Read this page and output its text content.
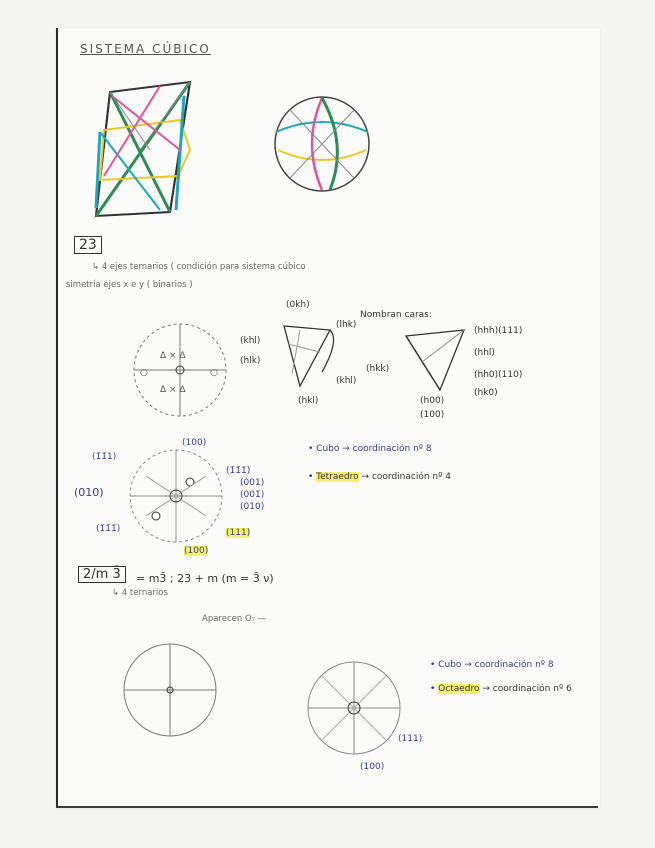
SISTEMA CÚBICO
Δ × Δ
Δ × Δ
○	○
23
↳ 4 ejes ternarios ( condición para sistema cúbico
simetría ejes x e y ( binarios )
Nombran caras:
(0kh)
(lhk)
(khl)
(hlk)
(khl)
(hkl)
(hhh)(111)
(hhl)
(hh0)(110)
(hk0)
(hkk)
(h00)
(100)
(100)
(1̄1̄1)
(010)
(1̄1̄1̄)
(1̄1̄1̄)
(001)
(001̄)
(010)
(111)
(100)
• Cubo → coordinación nº 8
• Tetraedro → coordinación nº 4
2/m 3̄	= m3̄ ; 23 + m (m = 3̄ ν)
↳ 4 ternarios
Aparecen O₇ —
• Cubo → coordinación nº 8
• Octaedro → coordinación nº 6
(111)
(100)
